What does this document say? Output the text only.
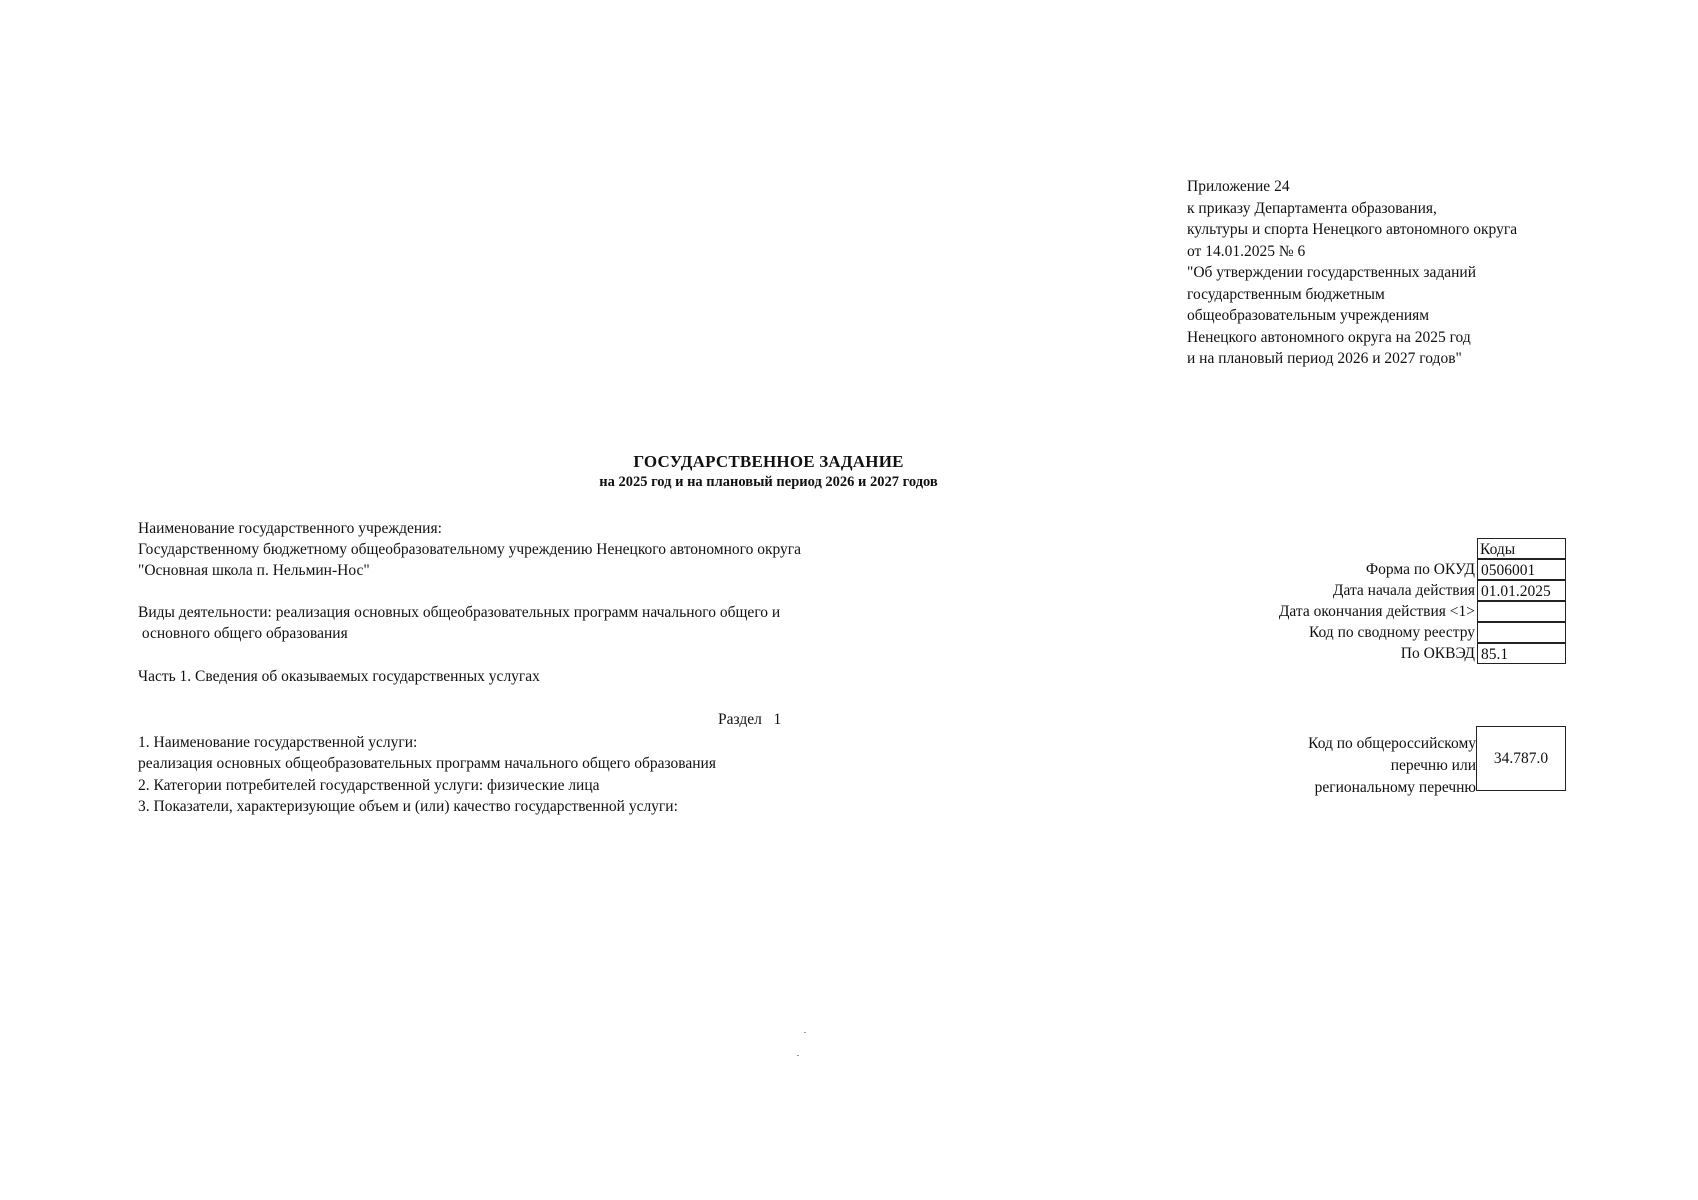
Приложение 24
к приказу Департамента образования,
культуры и спорта Ненецкого автономного округа
от 14.01.2025 № 6
"Об утверждении государственных заданий
государственным бюджетным
общеобразовательным учреждениям
Ненецкого автономного округа на 2025 год
и на плановый период 2026 и 2027 годов"
ГОСУДАРСТВЕННОЕ ЗАДАНИЕ
на 2025 год и на плановый период 2026 и 2027 годов
Наименование государственного учреждения:
Государственному бюджетному общеобразовательному учреждению Ненецкого автономного округа
"Основная школа п. Нельмин-Нос"
Виды деятельности: реализация основных общеобразовательных программ начального общего и
основного общего образования
Часть 1. Сведения об оказываемых государственных услугах
Раздел 1
1. Наименование государственной услуги:
реализация основных общеобразовательных программ начального общего образования
2. Категории потребителей государственной услуги: физические лица
3. Показатели, характеризующие объем и (или) качество государственной услуги:
Коды
Форма по ОКУД 0506001
Дата начала действия 01.01.2025
Дата окончания действия <1>
Код по сводному реестру
По ОКВЭД 85.1
Код по общероссийскому
перечню или
региональному перечню
34.787.0
